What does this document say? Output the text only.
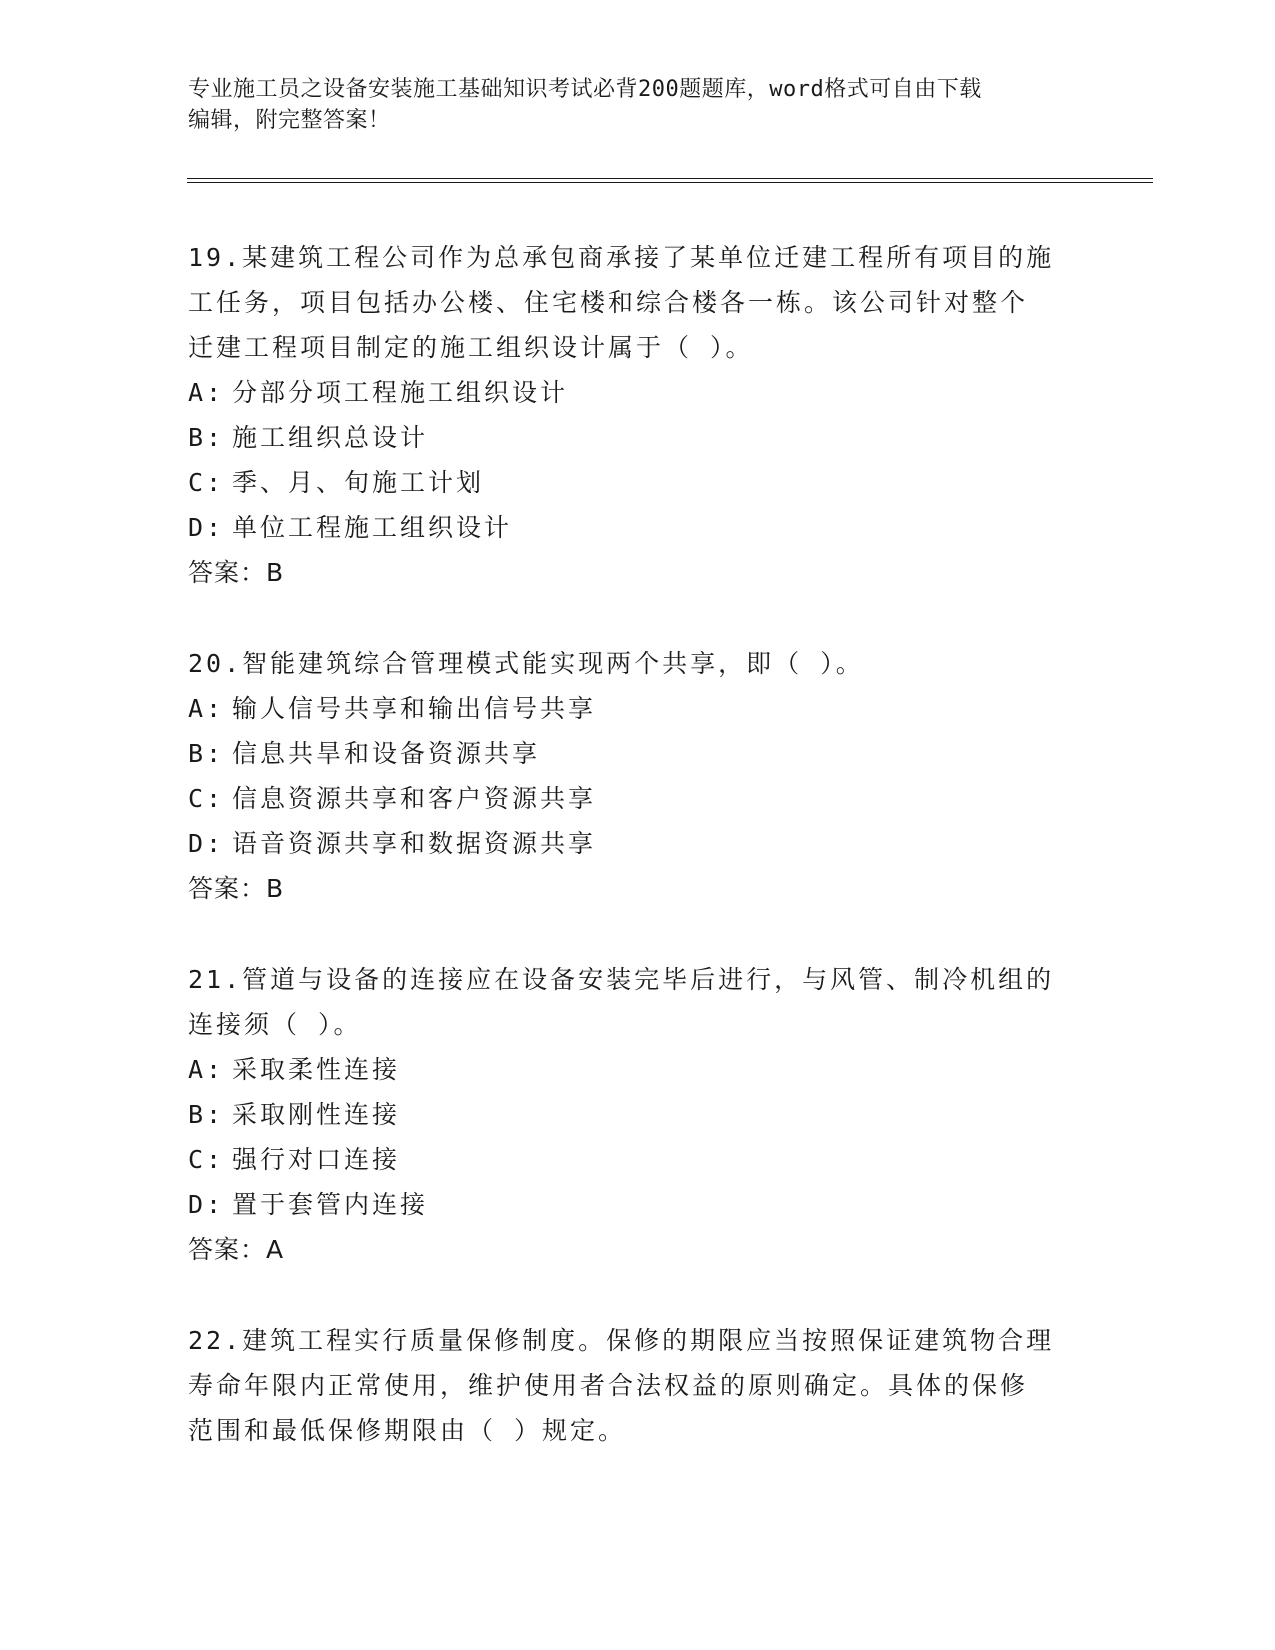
专业施工员之设备安装施工基础知识考试必背200题题库，word格式可自由下载
编辑，附完整答案！
19.某建筑工程公司作为总承包商承接了某单位迁建工程所有项目的施
工任务，项目包括办公楼、住宅楼和综合楼各一栋。该公司针对整个
迁建工程项目制定的施工组织设计属于（ ）。
A: 分部分项工程施工组织设计
B: 施工组织总设计
C: 季、月、旬施工计划
D: 单位工程施工组织设计
答案：B
20.智能建筑综合管理模式能实现两个共享，即（ ）。
A: 输人信号共享和输出信号共享
B: 信息共旱和设备资源共享
C: 信息资源共享和客户资源共享
D: 语音资源共享和数据资源共享
答案：B
21.管道与设备的连接应在设备安装完毕后进行，与风管、制冷机组的
连接须（ ）。
A: 采取柔性连接
B: 采取刚性连接
C: 强行对口连接
D: 置于套管内连接
答案：A
22.建筑工程实行质量保修制度。保修的期限应当按照保证建筑物合理
寿命年限内正常使用，维护使用者合法权益的原则确定。具体的保修
范围和最低保修期限由（ ）规定。
